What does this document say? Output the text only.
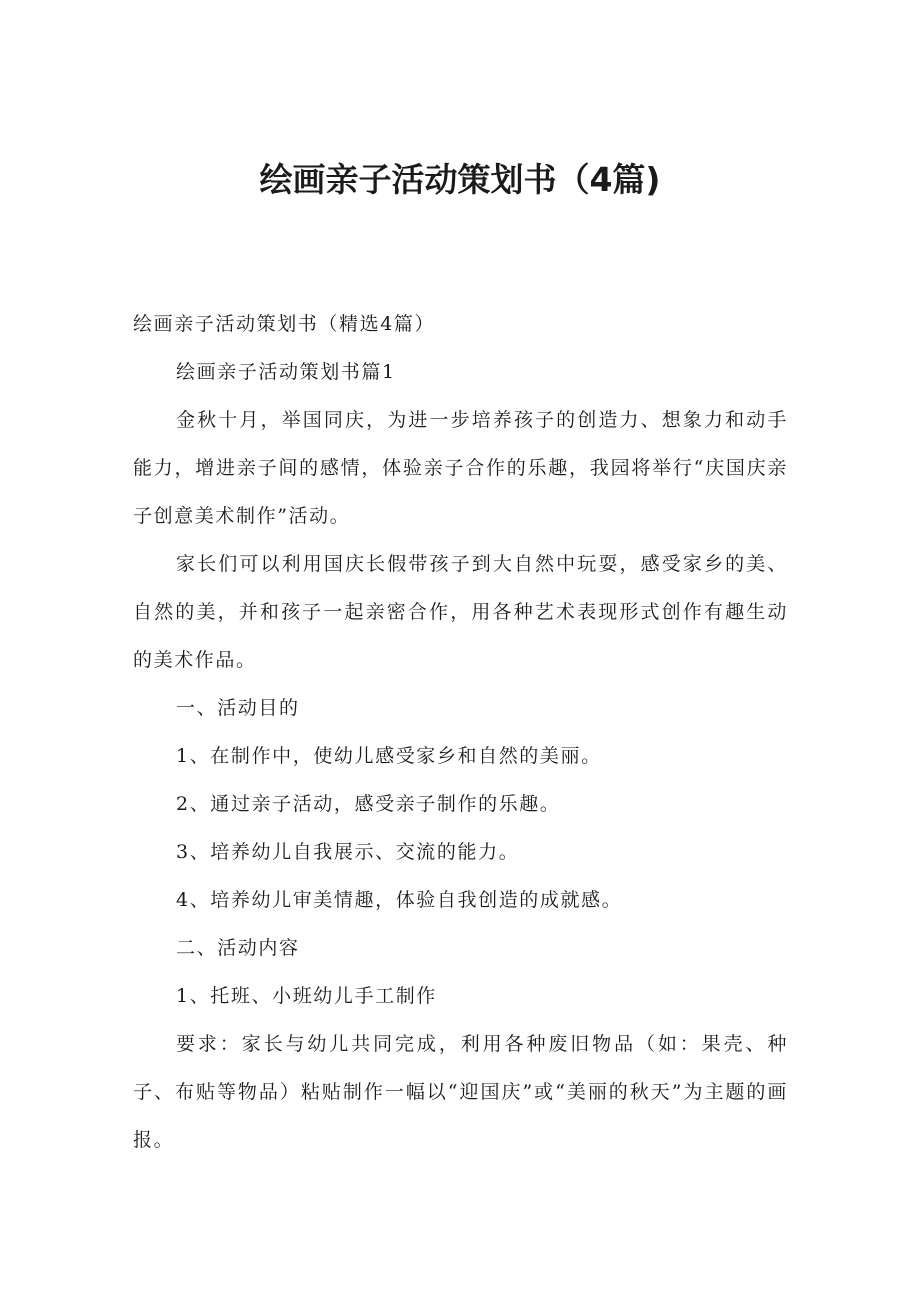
绘画亲子活动策划书（4篇)

绘画亲子活动策划书（精选4篇）

绘画亲子活动策划书篇1

金秋十月，举国同庆，为进一步培养孩子的创造力、想象力和动手能力，增进亲子间的感情，体验亲子合作的乐趣，我园将举行“庆国庆亲子创意美术制作”活动。

家长们可以利用国庆长假带孩子到大自然中玩耍，感受家乡的美、自然的美，并和孩子一起亲密合作，用各种艺术表现形式创作有趣生动的美术作品。

一、活动目的

1、在制作中，使幼儿感受家乡和自然的美丽。

2、通过亲子活动，感受亲子制作的乐趣。

3、培养幼儿自我展示、交流的能力。

4、培养幼儿审美情趣，体验自我创造的成就感。

二、活动内容

1、托班、小班幼儿手工制作

要求：家长与幼儿共同完成，利用各种废旧物品（如：果壳、种子、布贴等物品）粘贴制作一幅以“迎国庆”或“美丽的秋天”为主题的画报。
